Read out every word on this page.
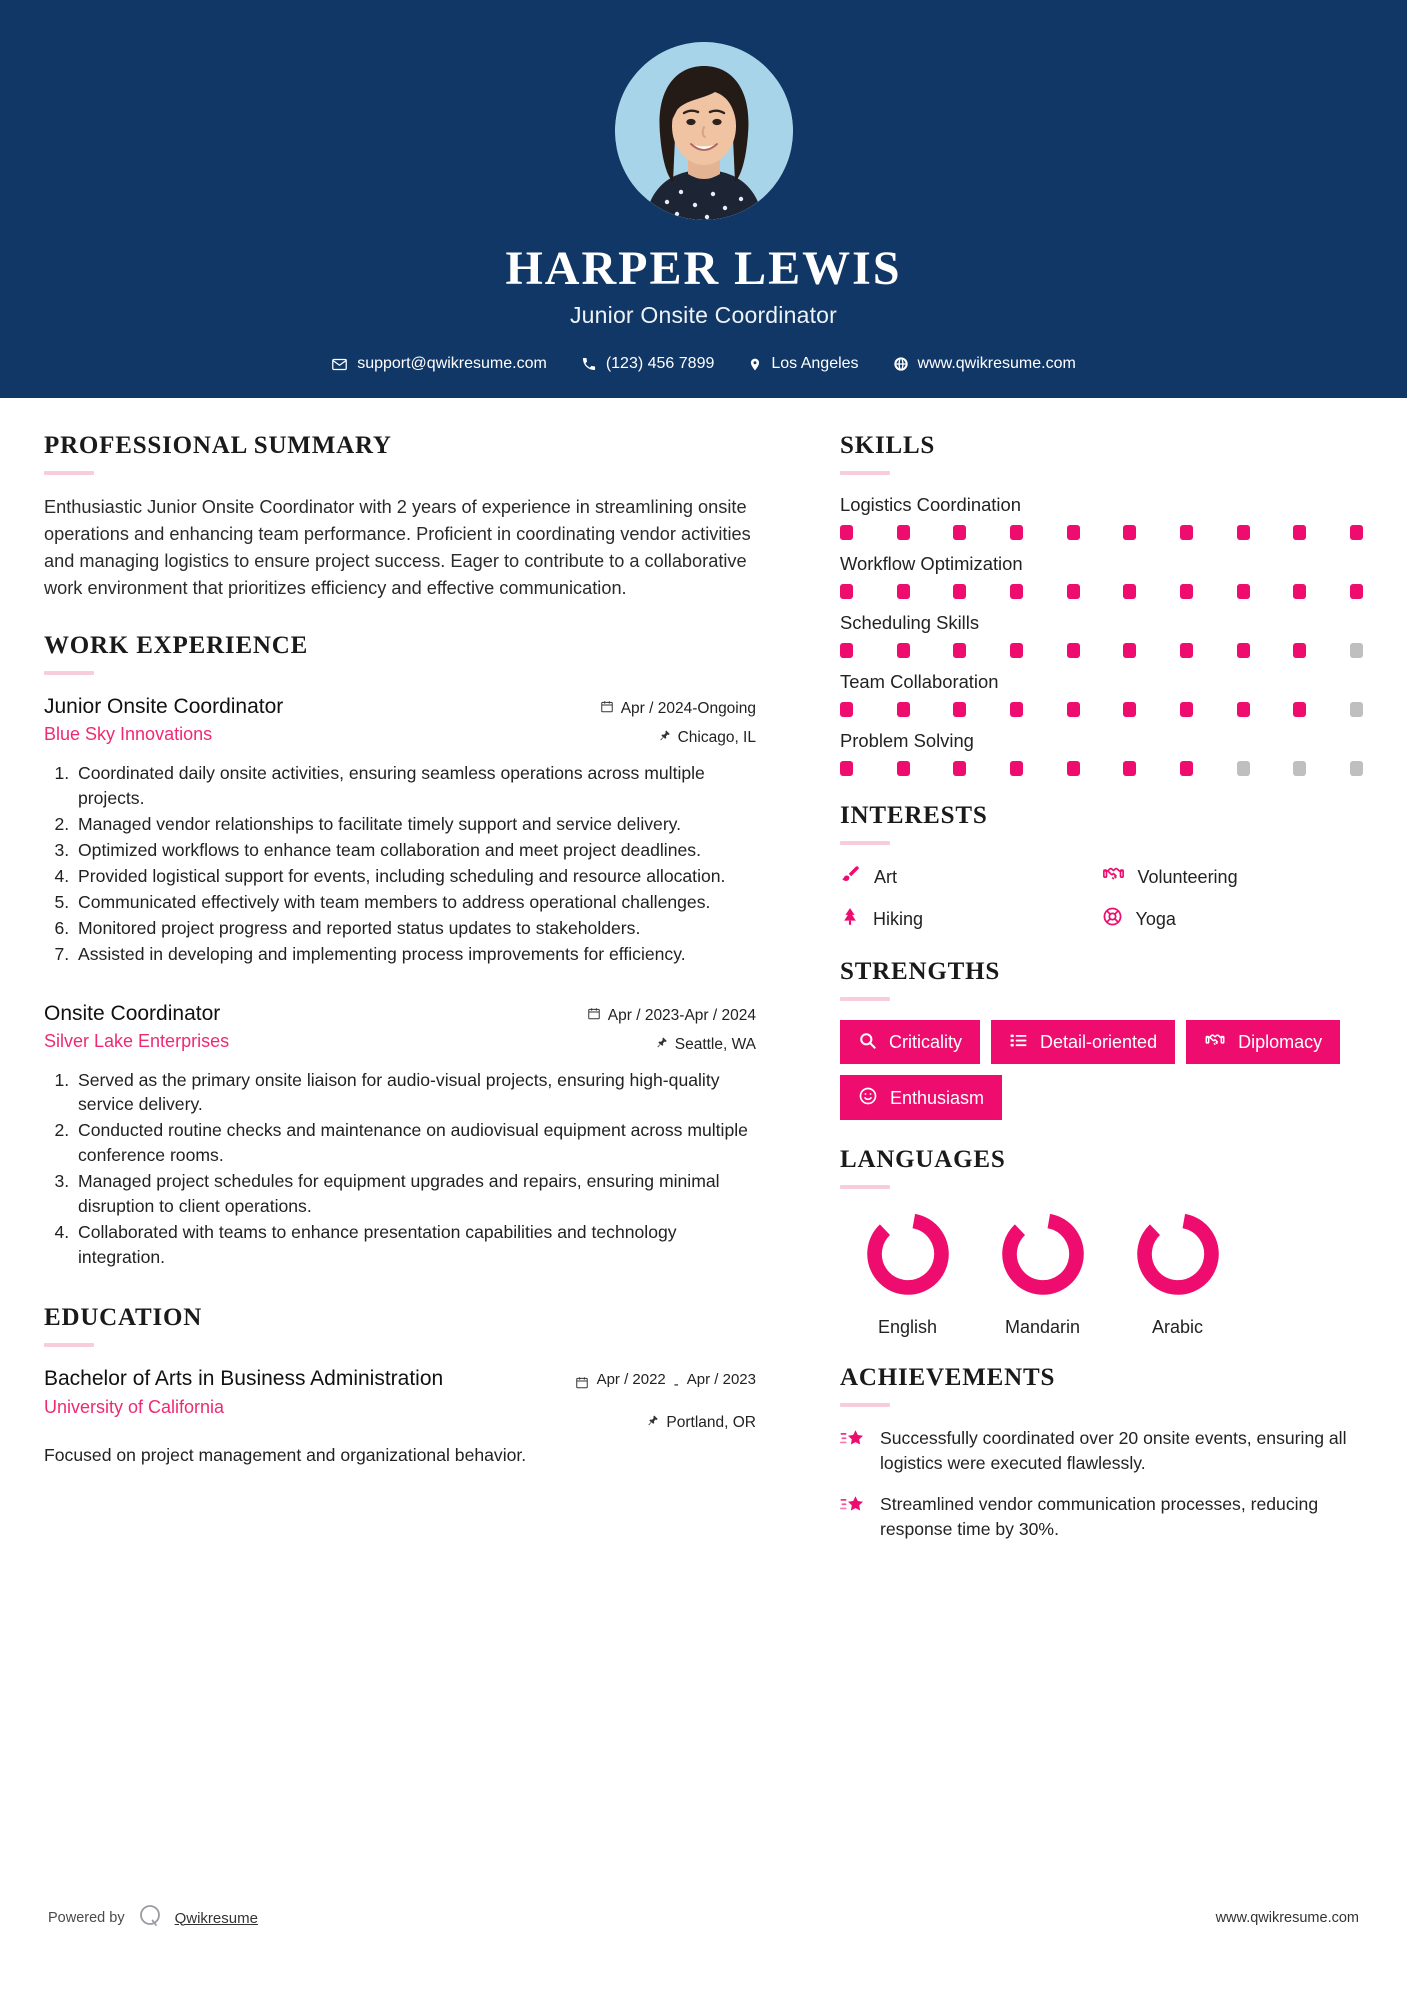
HARPER LEWIS
Junior Onsite Coordinator
support@qwikresume.com	(123) 456 7899	Los Angeles	www.qwikresume.com
PROFESSIONAL SUMMARY

Enthusiastic Junior Onsite Coordinator with 2 years of experience in streamlining onsite operations and enhancing team performance. Proficient in coordinating vendor activities and managing logistics to ensure project success. Eager to contribute to a collaborative work environment that prioritizes efficiency and effective communication.

WORK EXPERIENCE
Junior Onsite Coordinator
Blue Sky Innovations
Apr / 2024-Ongoing
Chicago, IL
1. Coordinated daily onsite activities, ensuring seamless operations across multiple projects.
2. Managed vendor relationships to facilitate timely support and service delivery.
3. Optimized workflows to enhance team collaboration and meet project deadlines.
4. Provided logistical support for events, including scheduling and resource allocation.
5. Communicated effectively with team members to address operational challenges.
6. Monitored project progress and reported status updates to stakeholders.
7. Assisted in developing and implementing process improvements for efficiency.
Onsite Coordinator
Silver Lake Enterprises
Apr / 2023-Apr / 2024
Seattle, WA
1. Served as the primary onsite liaison for audio-visual projects, ensuring high-quality service delivery.
2. Conducted routine checks and maintenance on audiovisual equipment across multiple conference rooms.
3. Managed project schedules for equipment upgrades and repairs, ensuring minimal disruption to client operations.
4. Collaborated with teams to enhance presentation capabilities and technology integration.
EDUCATION
Bachelor of Arts in Business Administration
University of California
Apr / 2022 - Apr / 2023
Portland, OR
Focused on project management and organizational behavior.
SKILLS
Logistics Coordination
Workflow Optimization
Scheduling Skills
Team Collaboration
Problem Solving
INTERESTS
Art	Volunteering
Hiking	Yoga
STRENGTHS
Criticality	Detail-oriented	Diplomacy
Enthusiasm
LANGUAGES
English	Mandarin	Arabic
ACHIEVEMENTS
Successfully coordinated over 20 onsite events, ensuring all logistics were executed flawlessly.
Streamlined vendor communication processes, reducing response time by 30%.
Powered by	Qwikresume	www.qwikresume.com
